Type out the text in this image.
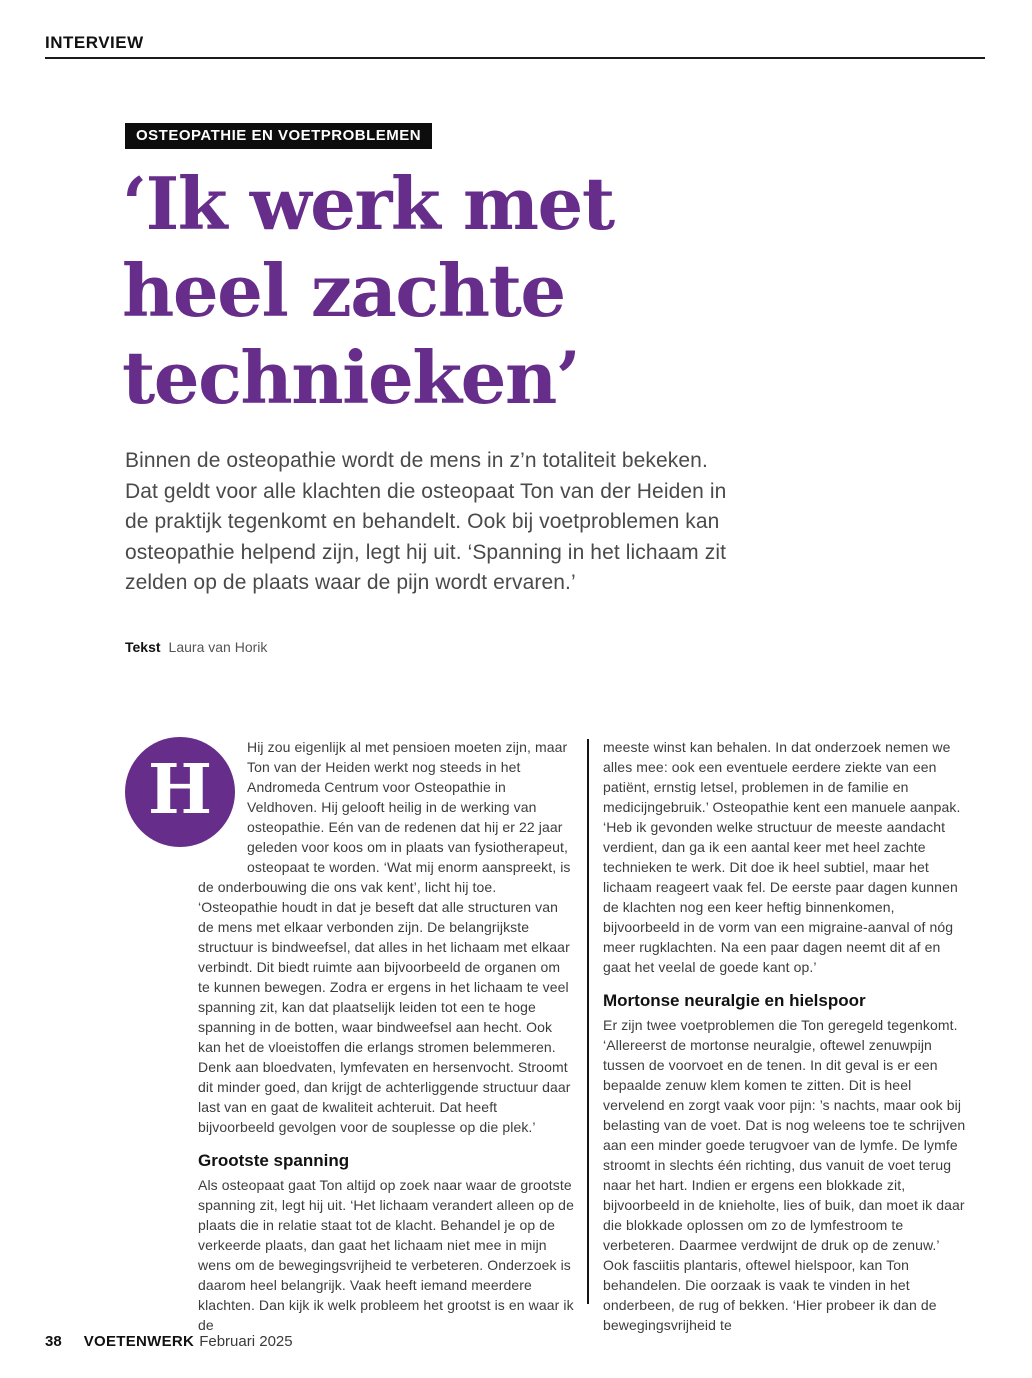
INTERVIEW
OSTEOPATHIE EN VOETPROBLEMEN
‘Ik werk met
heel zachte
technieken’

Binnen de osteopathie wordt de mens in z’n totaliteit bekeken. Dat geldt voor alle klachten die osteopaat Ton van der Heiden in de praktijk tegenkomt en behandelt. Ook bij voetproblemen kan osteopathie helpend zijn, legt hij uit. ‘Spanning in het lichaam zit zelden op de plaats waar de pijn wordt ervaren.’

Tekst Laura van Horik
H

Hij zou eigenlijk al met pensioen moeten zijn, maar Ton van der Heiden werkt nog steeds in het Andromeda Centrum voor Osteopathie in Veldhoven. Hij gelooft heilig in de werking van osteopathie. Eén van de redenen dat hij er 22 jaar geleden voor koos om in plaats van fysiotherapeut, osteopaat te worden. ‘Wat mij enorm aanspreekt, is de onderbouwing die ons vak kent’, licht hij toe. ‘Osteopathie houdt in dat je beseft dat alle structuren van de mens met elkaar verbonden zijn. De belangrijkste structuur is bindweefsel, dat alles in het lichaam met elkaar verbindt. Dit biedt ruimte aan bijvoorbeeld de organen om te kunnen bewegen. Zodra er ergens in het lichaam te veel spanning zit, kan dat plaatselijk leiden tot een te hoge spanning in de botten, waar bindweefsel aan hecht. Ook kan het de vloeistoffen die erlangs stromen belemmeren. Denk aan bloedvaten, lymfevaten en hersenvocht. Stroomt dit minder goed, dan krijgt de achterliggende structuur daar last van en gaat de kwaliteit achteruit. Dat heeft bijvoorbeeld gevolgen voor de souplesse op die plek.’

Grootste spanning

Als osteopaat gaat Ton altijd op zoek naar waar de grootste spanning zit, legt hij uit. ‘Het lichaam verandert alleen op de plaats die in relatie staat tot de klacht. Behandel je op de verkeerde plaats, dan gaat het lichaam niet mee in mijn wens om de bewegingsvrijheid te verbeteren. Onderzoek is daarom heel belangrijk. Vaak heeft iemand meerdere klachten. Dan kijk ik welk probleem het grootst is en waar ik de

meeste winst kan behalen. In dat onderzoek nemen we alles mee: ook een eventuele eerdere ziekte van een patiënt, ernstig letsel, problemen in de familie en medicijngebruik.’ Osteopathie kent een manuele aanpak. ‘Heb ik gevonden welke structuur de meeste aandacht verdient, dan ga ik een aantal keer met heel zachte technieken te werk. Dit doe ik heel subtiel, maar het lichaam reageert vaak fel. De eerste paar dagen kunnen de klachten nog een keer heftig binnenkomen, bijvoorbeeld in de vorm van een migraine-aanval of nóg meer rugklachten. Na een paar dagen neemt dit af en gaat het veelal de goede kant op.’

Mortonse neuralgie en hielspoor

Er zijn twee voetproblemen die Ton geregeld tegenkomt. ‘Allereerst de mortonse neuralgie, oftewel zenuwpijn tussen de voorvoet en de tenen. In dit geval is er een bepaalde zenuw klem komen te zitten. Dit is heel vervelend en zorgt vaak voor pijn: ’s nachts, maar ook bij belasting van de voet. Dat is nog weleens toe te schrijven aan een minder goede terugvoer van de lymfe. De lymfe stroomt in slechts één richting, dus vanuit de voet terug naar het hart. Indien er ergens een blokkade zit, bijvoorbeeld in de knieholte, lies of buik, dan moet ik daar die blokkade oplossen om zo de lymfestroom te verbeteren. Daarmee verdwijnt de druk op de zenuw.’

Ook fasciitis plantaris, oftewel hielspoor, kan Ton behandelen. Die oorzaak is vaak te vinden in het onderbeen, de rug of bekken. ‘Hier probeer ik dan de bewegingsvrijheid te

38 VOETENWERK Februari 2025
